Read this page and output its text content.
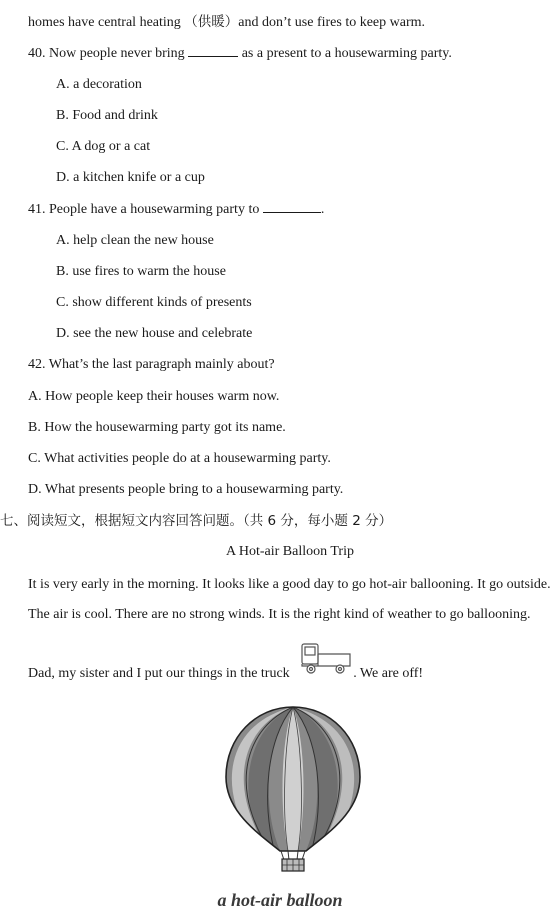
homes have central heating （供暖）and don’t use fires to keep warm.
40. Now people never bring	as a present to a housewarming party.
A. a decoration
B. Food and drink
C. A dog or a cat
D. a kitchen knife or a cup
41. People have a housewarming party to	.
A. help clean the new house
B. use fires to warm the house
C. show different kinds of presents
D. see the new house and celebrate
42. What’s the last paragraph mainly about?
A. How people keep their houses warm now.
B. How the housewarming party got its name.
C. What activities people do at a housewarming party.
D. What presents people bring to a housewarming party.
七、阅读短文，根据短文内容回答问题。（共 6 分，每小题 2 分）
A Hot-air Balloon Trip
It is very early in the morning. It looks like a good day to go hot-air ballooning. It go outside.
The air is cool. There are no strong winds. It is the right kind of weather to go ballooning.
Dad, my sister and I put our things in the truck	. We are off!
a hot-air balloon
